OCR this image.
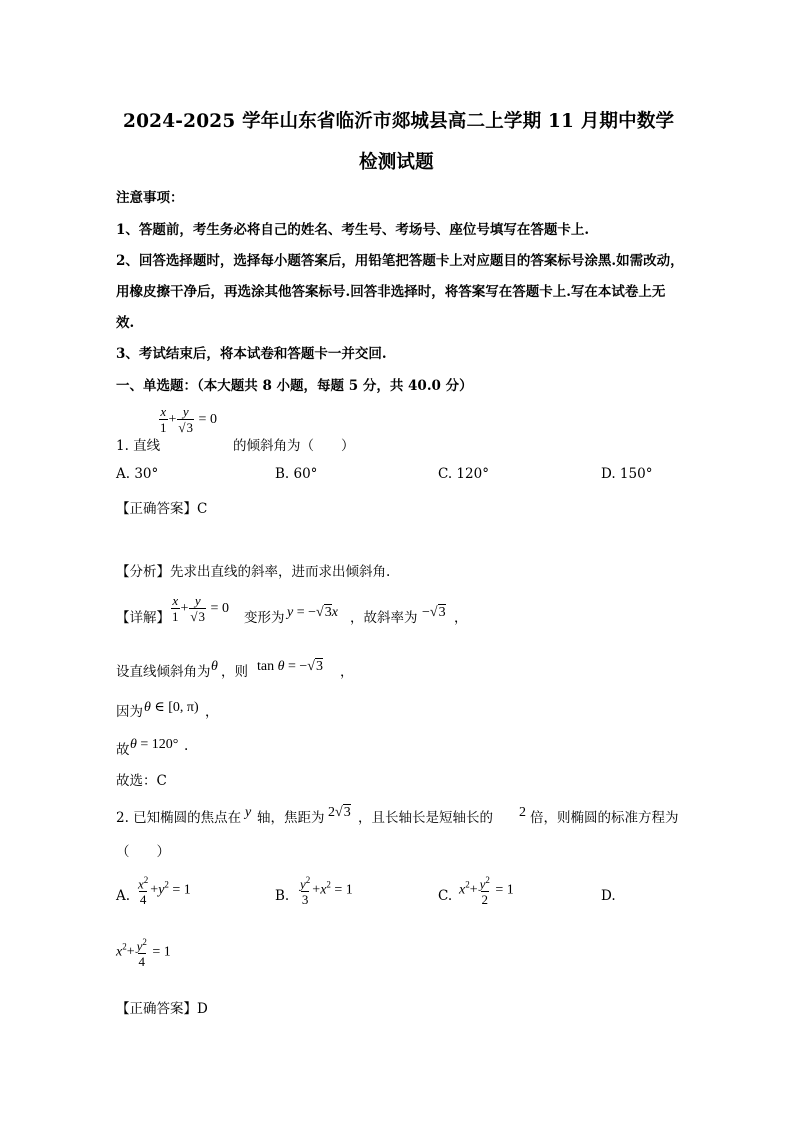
2024-2025 学年山东省临沂市郯城县高二上学期 11 月期中数学
检测试题
注意事项：
1、答题前，考生务必将自己的姓名、考生号、考场号、座位号填写在答题卡上.
2、回答选择题时，选择每小题答案后，用铅笔把答题卡上对应题目的答案标号涂黑.如需改动，
用橡皮擦干净后，再选涂其他答案标号.回答非选择时，将答案写在答题卡上.写在本试卷上无
效.
3、考试结束后，将本试卷和答题卡一并交回.
一、单选题：（本大题共 8 小题，每题 5 分，共 40.0 分）
1. 直线
$\frac{x}{1} + \frac{y}{√3} = 0$
的倾斜角为（　　）
A. 30°	B. 60°	C. 120°	D. 150°
【正确答案】C
【分析】先求出直线的斜率，进而求出倾斜角.
【详解】 $\frac{x}{1} + \frac{y}{√3} = 0$
变形为 y = −√3x ，故斜率为 −√3 ，
设直线倾斜角为 θ ，则 tan θ = −√3 ，
因为 θ ∈ [0, π) ，
故 θ = 120° .
故选：C
2. 已知椭圆的焦点在 y 轴，焦距为 2√3 ，且长轴长是短轴长的 2 倍，则椭圆的标准方程为
（　　）
A. $\frac{x^2}{4} +y^2 = 1$	B. $\frac{y^2}{3} +x^2 = 1$	C. $x^2+ \frac{y^2}{2} = 1$	D.
$x^2+ \frac{y^2}{4} = 1$
【正确答案】D
